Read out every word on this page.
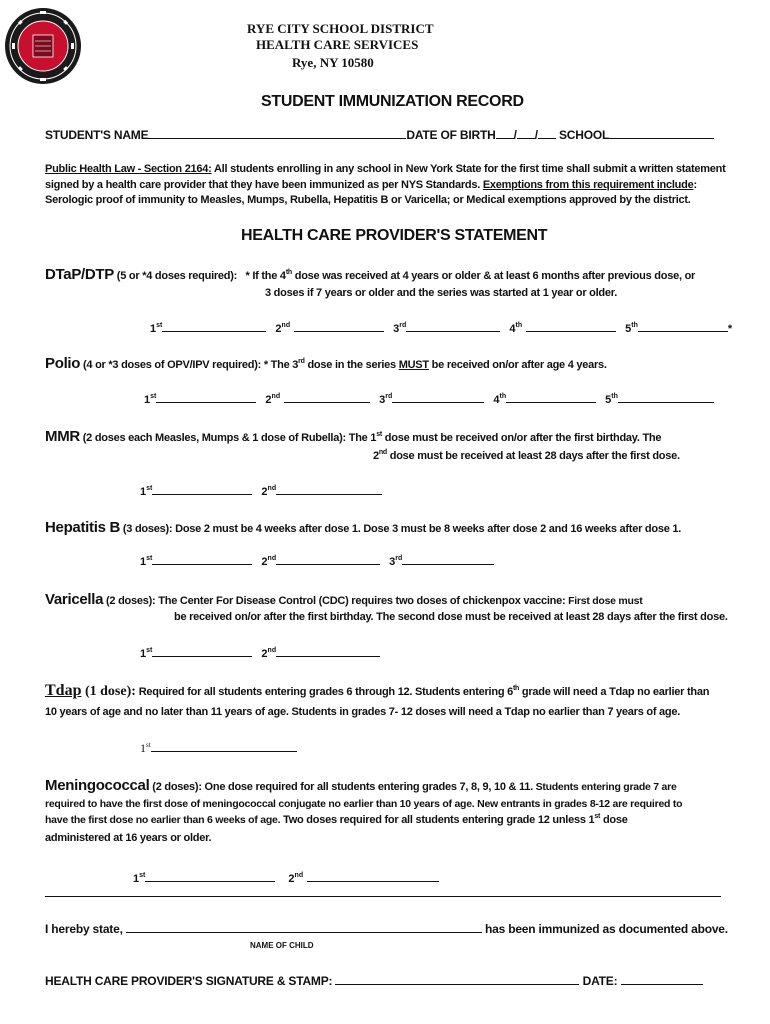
RYE CITY SCHOOL DISTRICT
HEALTH CARE SERVICES
Rye, NY 10580
STUDENT IMMUNIZATION RECORD
STUDENT'S NAME	DATE OF BIRTH / / SCHOOL
Public Health Law - Section 2164: All students enrolling in any school in New York State for the first time shall submit a written statement
signed by a health care provider that they have been immunized as per NYS Standards. Exemptions from this requirement include:
Serologic proof of immunity to Measles, Mumps, Rubella, Hepatitis B or Varicella; or Medical exemptions approved by the district.
HEALTH CARE PROVIDER'S STATEMENT
DTaP/DTP (5 or *4 doses required): * If the 4th dose was received at 4 years or older & at least 6 months after previous dose, or
3 doses if 7 years or older and the series was started at 1 year or older.
1st	2nd	3rd	4th	5th	*
Polio (4 or *3 doses of OPV/IPV required): * The 3rd dose in the series MUST be received on/or after age 4 years.
1st	2nd	3rd	4th	5th
MMR (2 doses each Measles, Mumps & 1 dose of Rubella): The 1st dose must be received on/or after the first birthday. The
2nd dose must be received at least 28 days after the first dose.
1st	2nd
Hepatitis B (3 doses): Dose 2 must be 4 weeks after dose 1. Dose 3 must be 8 weeks after dose 2 and 16 weeks after dose 1.
1st	2nd	3rd
Varicella (2 doses): The Center For Disease Control (CDC) requires two doses of chickenpox vaccine: First dose must
be received on/or after the first birthday. The second dose must be received at least 28 days after the first dose.
1st	2nd
Tdap (1 dose): Required for all students entering grades 6 through 12. Students entering 6th grade will need a Tdap no earlier than
10 years of age and no later than 11 years of age. Students in grades 7- 12 doses will need a Tdap no earlier than 7 years of age.
1st
Meningococcal (2 doses): One dose required for all students entering grades 7, 8, 9, 10 & 11. Students entering grade 7 are
required to have the first dose of meningococcal conjugate no earlier than 10 years of age. New entrants in grades 8-12 are required to
have the first dose no earlier than 6 weeks of age. Two doses required for all students entering grade 12 unless 1st dose
administered at 16 years or older.
1st	2nd
I hereby state,	has been immunized as documented above.
NAME OF CHILD
HEALTH CARE PROVIDER'S SIGNATURE & STAMP:	DATE:
